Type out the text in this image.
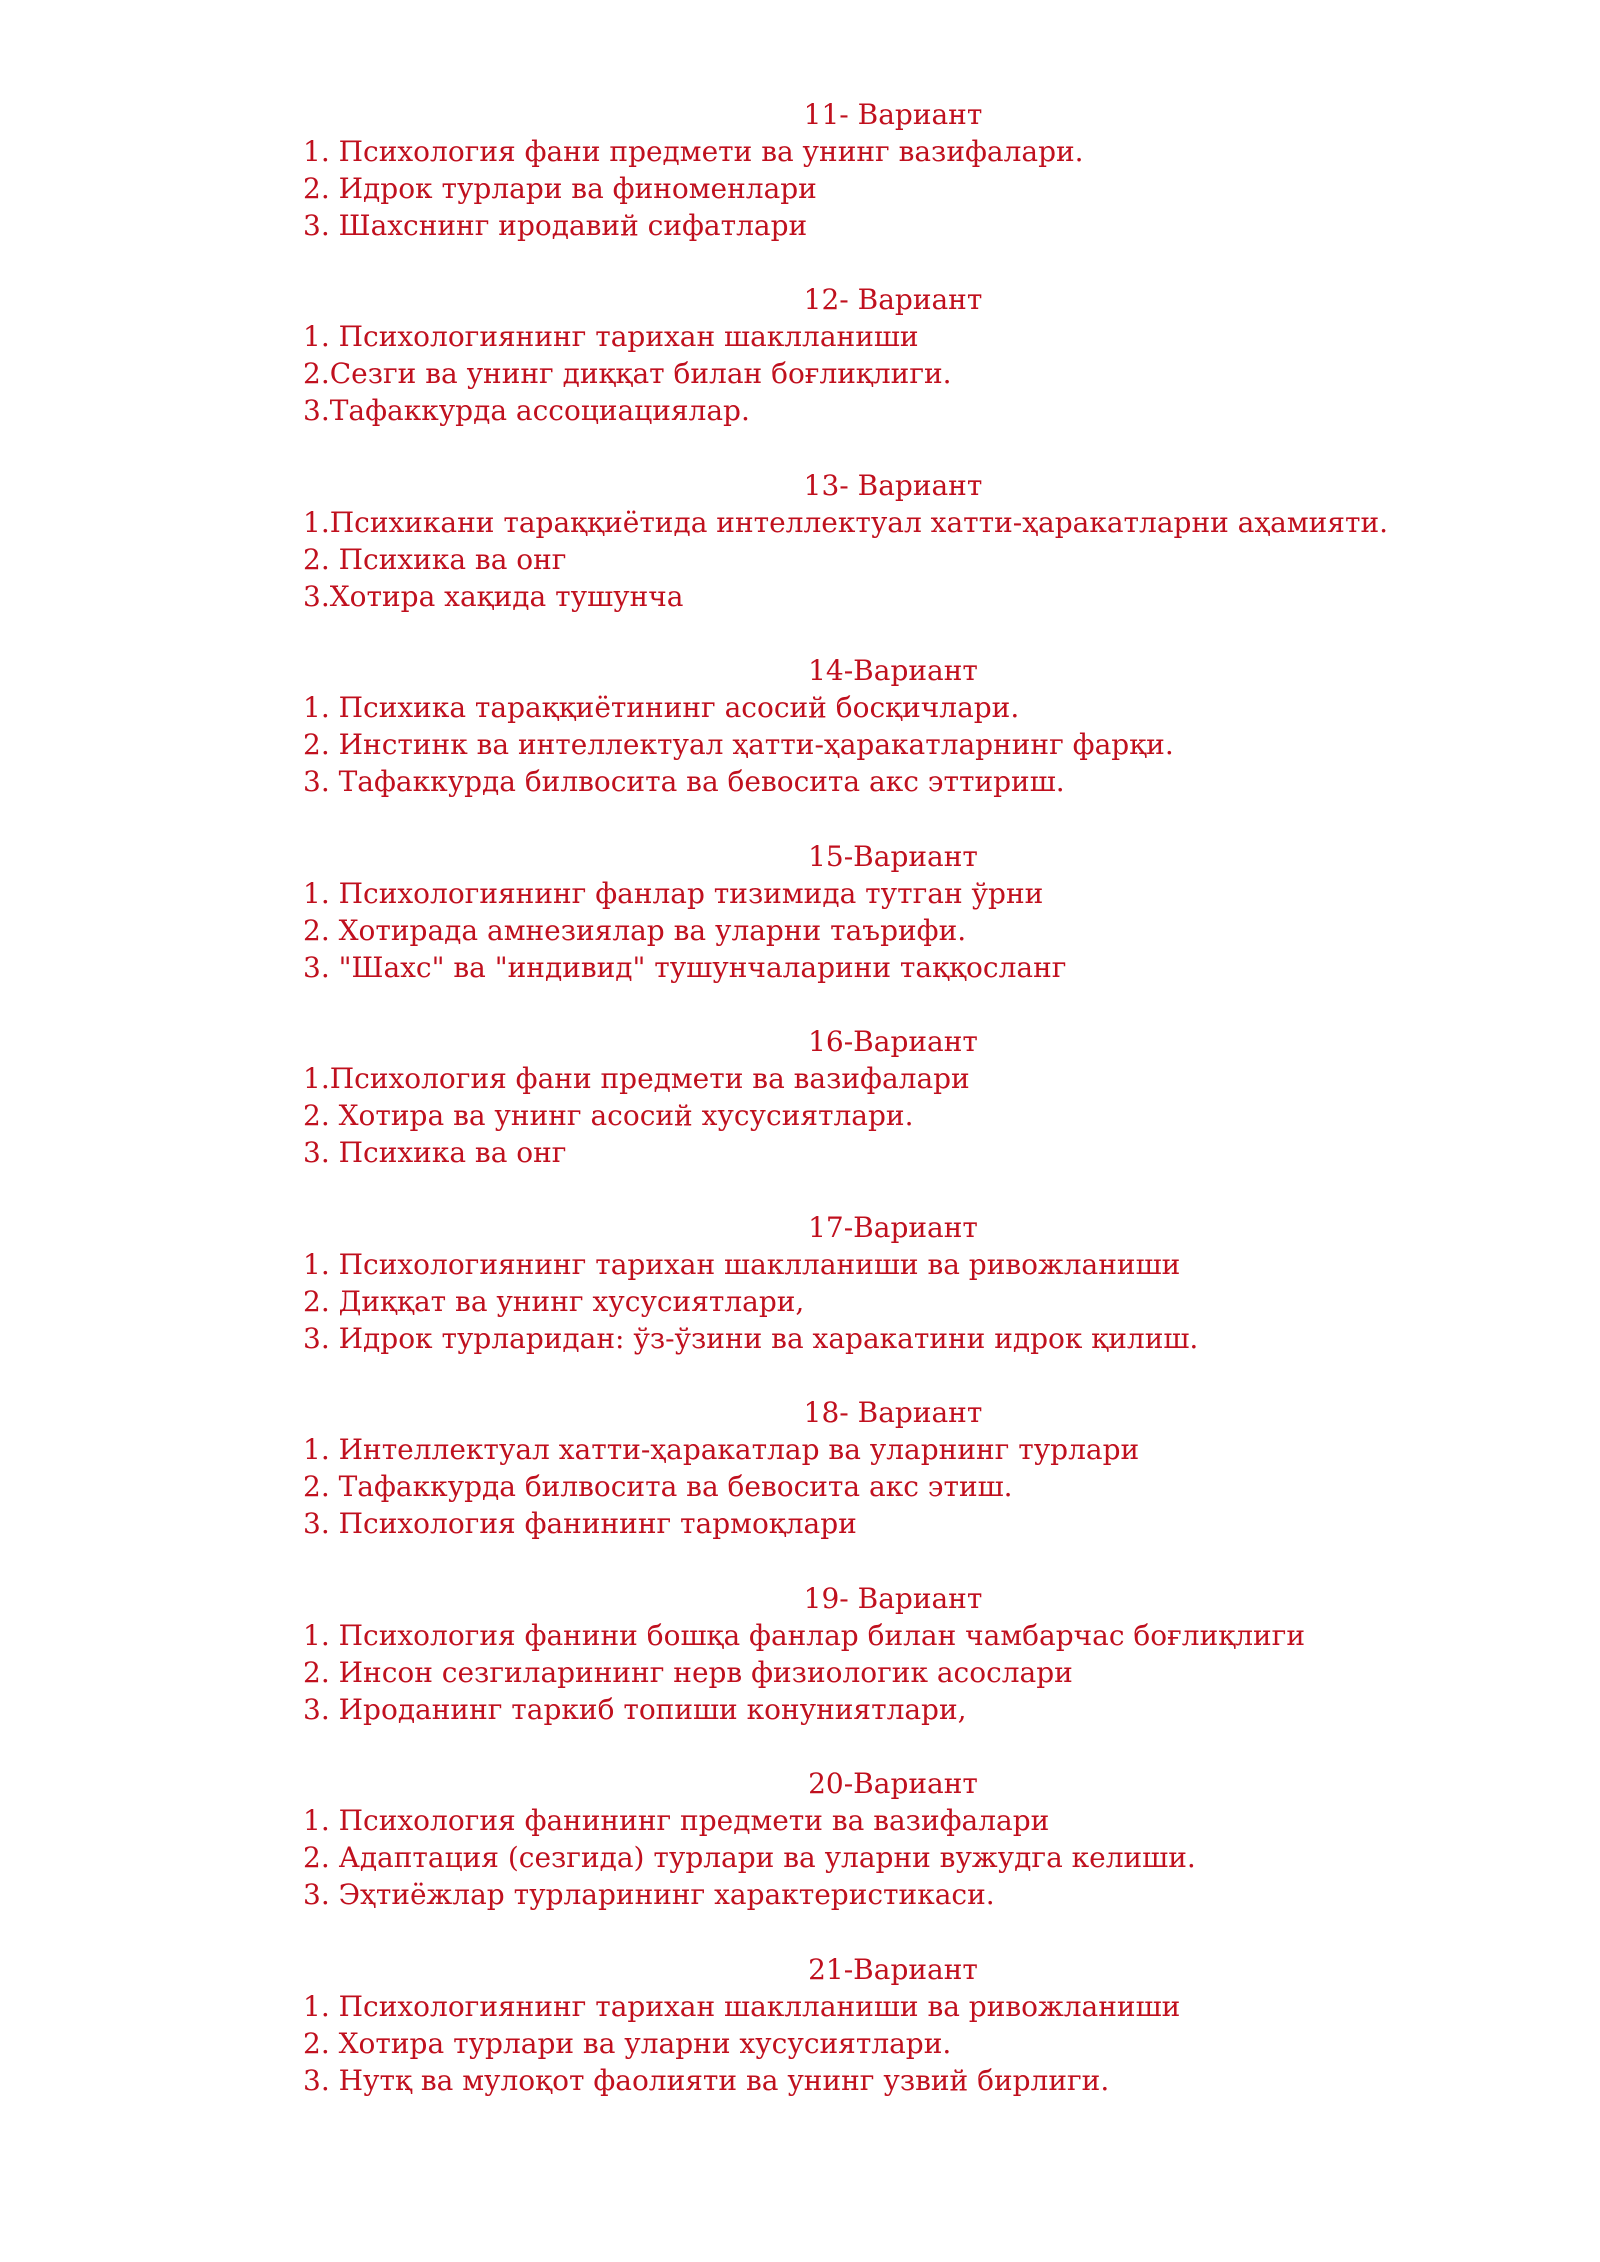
11- Вариант
1. Психология фани предмети ва унинг вазифалари.
2. Идрок турлари ва финоменлари
3. Шахснинг иродавий сифатлари
12- Вариант
1. Психологиянинг тарихан шаклланиши
2.Сезги ва унинг диққат билан боғлиқлиги.
3.Тафаккурда ассоциациялар.
13- Вариант
1.Психикани тараққиётида интеллектуал хатти-ҳаракатларни аҳамияти.
2. Психика ва онг
3.Хотира хақида тушунча
14-Вариант
1. Психика тараққиётининг асосий босқичлари.
2. Инстинк ва интеллектуал ҳатти-ҳаракатларнинг фарқи.
3. Тафаккурда билвосита ва бевосита акс эттириш.
15-Вариант
1. Психологиянинг фанлар тизимида тутган ўрни
2. Хотирада амнезиялар ва уларни таърифи.
3. "Шахс" ва "индивид" тушунчаларини таққосланг
16-Вариант
1.Психология фани предмети ва вазифалари
2. Хотира ва унинг асосий хусусиятлари.
3. Психика ва онг
17-Вариант
1. Психологиянинг тарихан шаклланиши ва ривожланиши
2. Диққат ва унинг хусусиятлари,
3. Идрок турларидан: ўз-ўзини ва харакатини идрок қилиш.
18- Вариант
1. Интеллектуал хатти-ҳаракатлар ва уларнинг турлари
2. Тафаккурда билвосита ва бевосита акс этиш.
3. Психология фанининг тармоқлари
19- Вариант
1. Психология фанини бошқа фанлар билан чамбарчас боғлиқлиги
2. Инсон сезгиларининг нерв физиологик асослари
3. Ироданинг таркиб топиши конуниятлари,
20-Вариант
1. Психология фанининг предмети ва вазифалари
2. Адаптация (сезгида) турлари ва уларни вужудга келиши.
3. Эҳтиёжлар турларининг характеристикаси.
21-Вариант
1. Психологиянинг тарихан шаклланиши ва ривожланиши
2. Хотира турлари ва уларни хусусиятлари.
3. Нутқ ва мулоқот фаолияти ва унинг узвий бирлиги.
